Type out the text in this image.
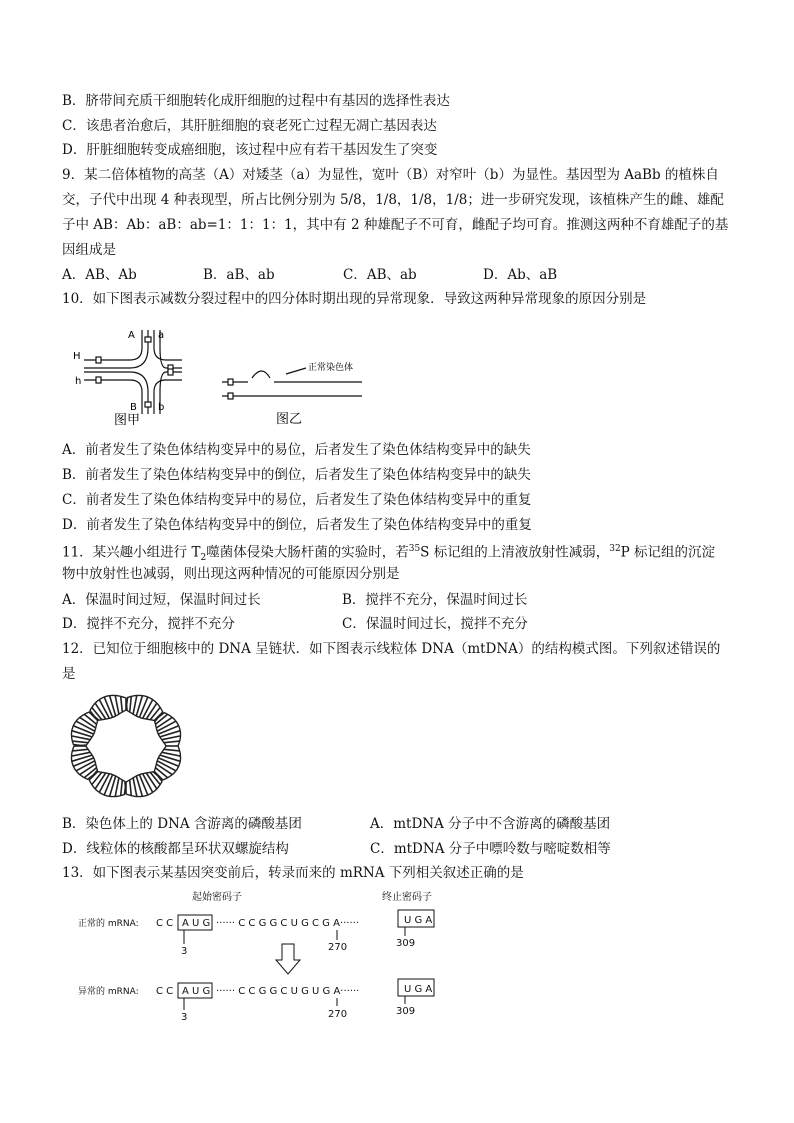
B．脐带间充质干细胞转化成肝细胞的过程中有基因的选择性表达
C．该患者治愈后，其肝脏细胞的衰老死亡过程无凋亡基因表达
D．肝脏细胞转变成癌细胞，该过程中应有若干基因发生了突变
9．某二倍体植物的高茎（A）对矮茎（a）为显性，宽叶（B）对窄叶（b）为显性。基因型为 AaBb 的植株自
交，子代中出现 4 种表现型，所占比例分别为 5/8，1/8，1/8，1/8；进一步研究发现，该植株产生的雌、雄配
子中 AB：Ab：aB：ab=1：1：1：1，其中有 2 种雄配子不可育，雌配子均可育。推测这两种不育雄配子的基
因组成是
A．AB、Ab	B．aB、ab	C．AB、ab	D．Ab、aB
10．如下图表示减数分裂过程中的四分体时期出现的异常现象．导致这两种异常现象的原因分别是
H
h
A a
B b
图甲
正常染色体
图乙
A．前者发生了染色体结构变异中的易位，后者发生了染色体结构变异中的缺失
B．前者发生了染色体结构变异中的倒位，后者发生了染色体结构变异中的缺失
C．前者发生了染色体结构变异中的易位，后者发生了染色体结构变异中的重复
D．前者发生了染色体结构变异中的倒位，后者发生了染色体结构变异中的重复
11．某兴趣小组进行 $T_2$噬菌体侵染大肠杆菌的实验时，若$^{35}$S 标记组的上清液放射性减弱，$^{32}$P 标记组的沉淀
物中放射性也减弱，则出现这两种情况的可能原因分别是
A．保温时间过短，保温时间过长	B．搅拌不充分，保温时间过长
D．搅拌不充分，搅拌不充分	C．保温时间过长，搅拌不充分
12．已知位于细胞核中的 DNA 呈链状．如下图表示线粒体 DNA（mtDNA）的结构模式图。下列叙述错误的
是
B．染色体上的 DNA 含游离的磷酸基团	A．mtDNA 分子中不含游离的磷酸基团
D．线粒体的核酸都呈环状双螺旋结构	C．mtDNA 分子中嘌呤数与嘧啶数相等
13．如下图表示某基因突变前后，转录而来的 mRNA 下列相关叙述正确的是
起始密码子	终止密码子
正常的 mRNA: C C A U G ······ C C G G C U G C G A······	U G A
3	270	309
异常的 mRNA: C C A U G ······ C C G G C U G U G A······	U G A
3	270	309
